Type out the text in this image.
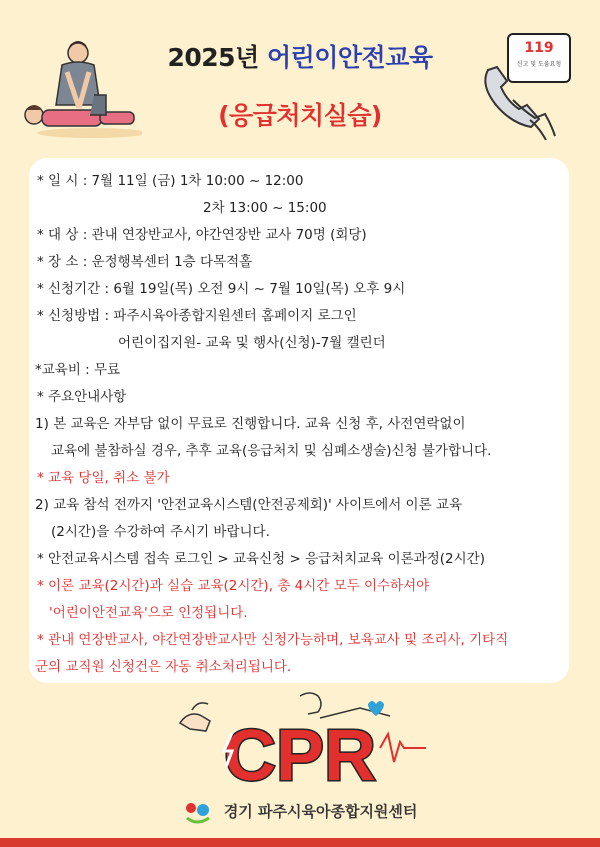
119
신고 및 도움요청
2025년 어린이안전교육
(응급처치실습)
* 일 시 : 7월 11일 (금) 1차 10:00 ~ 12:00
2차 13:00 ~ 15:00
* 대 상 : 관내 연장반교사, 야간연장반 교사 70명 (회당)
* 장 소 : 운정행복센터 1층 다목적홀
* 신청기간 : 6월 19일(목) 오전 9시 ~ 7월 10일(목) 오후 9시
* 신청방법 : 파주시육아종합지원센터 홈페이지 로그인
어린이집지원- 교육 및 행사(신청)-7월 캘린더
*교육비 : 무료
* 주요안내사항
1) 본 교육은 자부담 없이 무료로 진행합니다. 교육 신청 후, 사전연락없이
교육에 불참하실 경우, 추후 교육(응급처치 및 심폐소생술)신청 불가합니다.
* 교육 당일, 취소 불가
2) 교육 참석 전까지 '안전교육시스템(안전공제회)' 사이트에서 이론 교육
(2시간)을 수강하여 주시기 바랍니다.
* 안전교육시스템 접속 로그인 > 교육신청 > 응급처치교육 이론과정(2시간)
* 이론 교육(2시간)과 실습 교육(2시간), 총 4시간 모두 이수하셔야
'어린이안전교육'으로 인정됩니다.
* 관내 연장반교사, 야간연장반교사만 신청가능하며, 보육교사 및 조리사, 기타직
군의 교직원 신청건은 자동 취소처리됩니다.
CPR
경기 파주시육아종합지원센터
